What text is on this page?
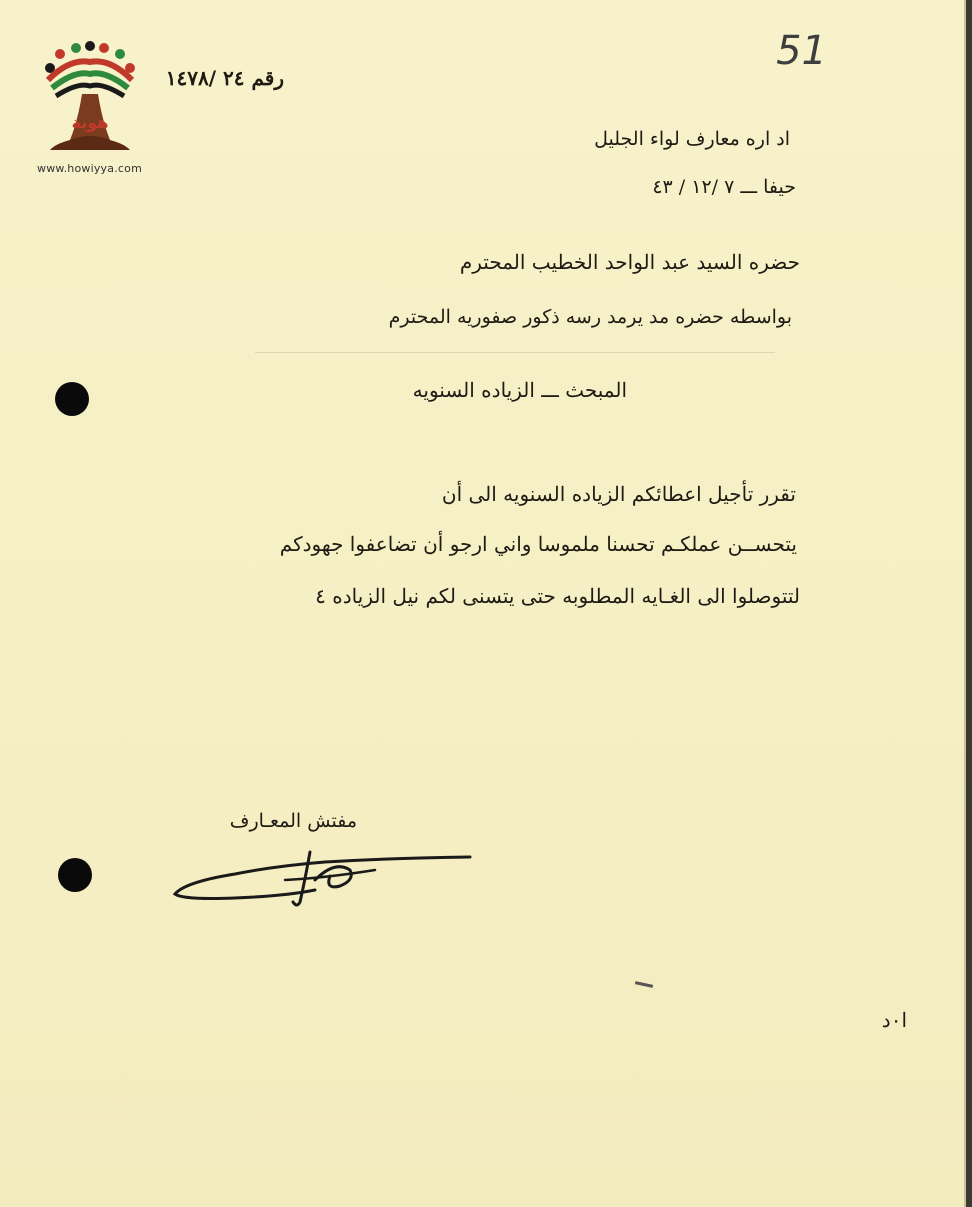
هوية
www.howiyya.com
51
رقم ٢٤ /١٤٧٨
اد اره معارف لواء الجليل
حيفا ـــ ٧ /١٢ / ٤٣
حضره السيد عبد الواحد الخطيب المحترم
بواسطه حضره مد يرمد رسه ذكور صفوريه المحترم
المبحث ـــ الزياده السنويه
تقرر تأجيل اعطائكم الزياده السنويه الى أن
يتحســن عملكـم تحسنا ملموسا واني ارجو أن تضاعفوا جهودكم
لتتوصلوا الى الغـايه المطلوبه حتى يتسنى لكم نيل الزياده ٤
مفتش المعـارف
ا٠د
